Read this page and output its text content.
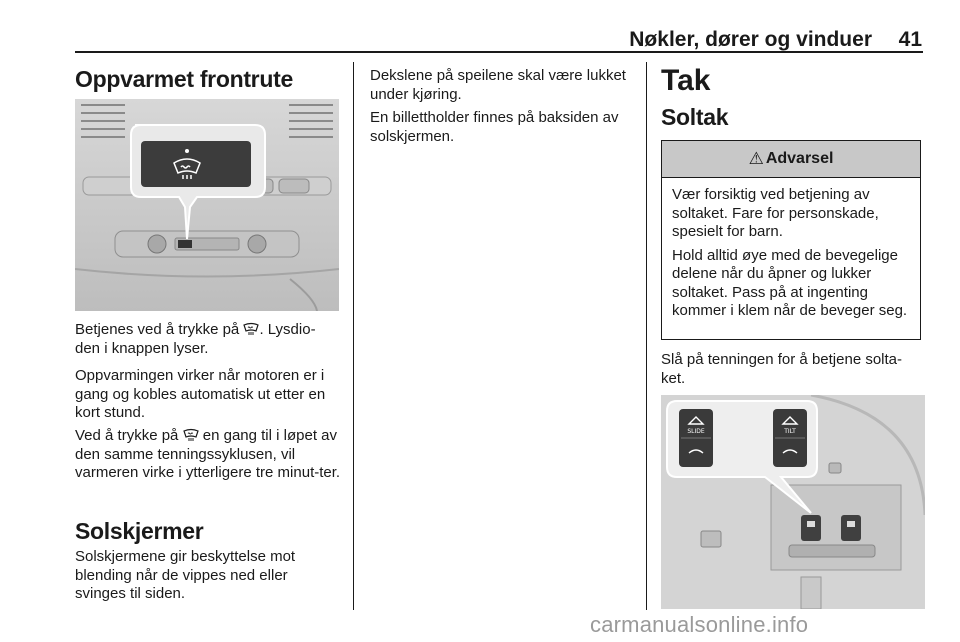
Nøkler, dører og vinduer	41
Oppvarmet frontrute
Betjenes ved å trykke på . Lysdio-
den i knappen lyser.

Oppvarmingen virker når motoren er i gang og kobles automatisk ut etter en kort stund.

Ved å trykke på en gang til i løpet av den samme tenningssyklusen, vil varmeren virke i ytterligere tre minut-ter.
Solskjermer

Solskjermene gir beskyttelse mot blending når de vippes ned eller svinges til siden.

Dekslene på speilene skal være lukket under kjøring.

En billettholder finnes på baksiden av solskjermen.

Tak
Soltak
⚠ Advarsel

Vær forsiktig ved betjening av soltaket. Fare for personskade, spesielt for barn.

Hold alltid øye med de bevegelige delene når du åpner og lukker soltaket. Pass på at ingenting kommer i klem når de beveger seg.

Slå på tenningen for å betjene solta-ket.

SLIDE	TILT
carmanualsonline.info
